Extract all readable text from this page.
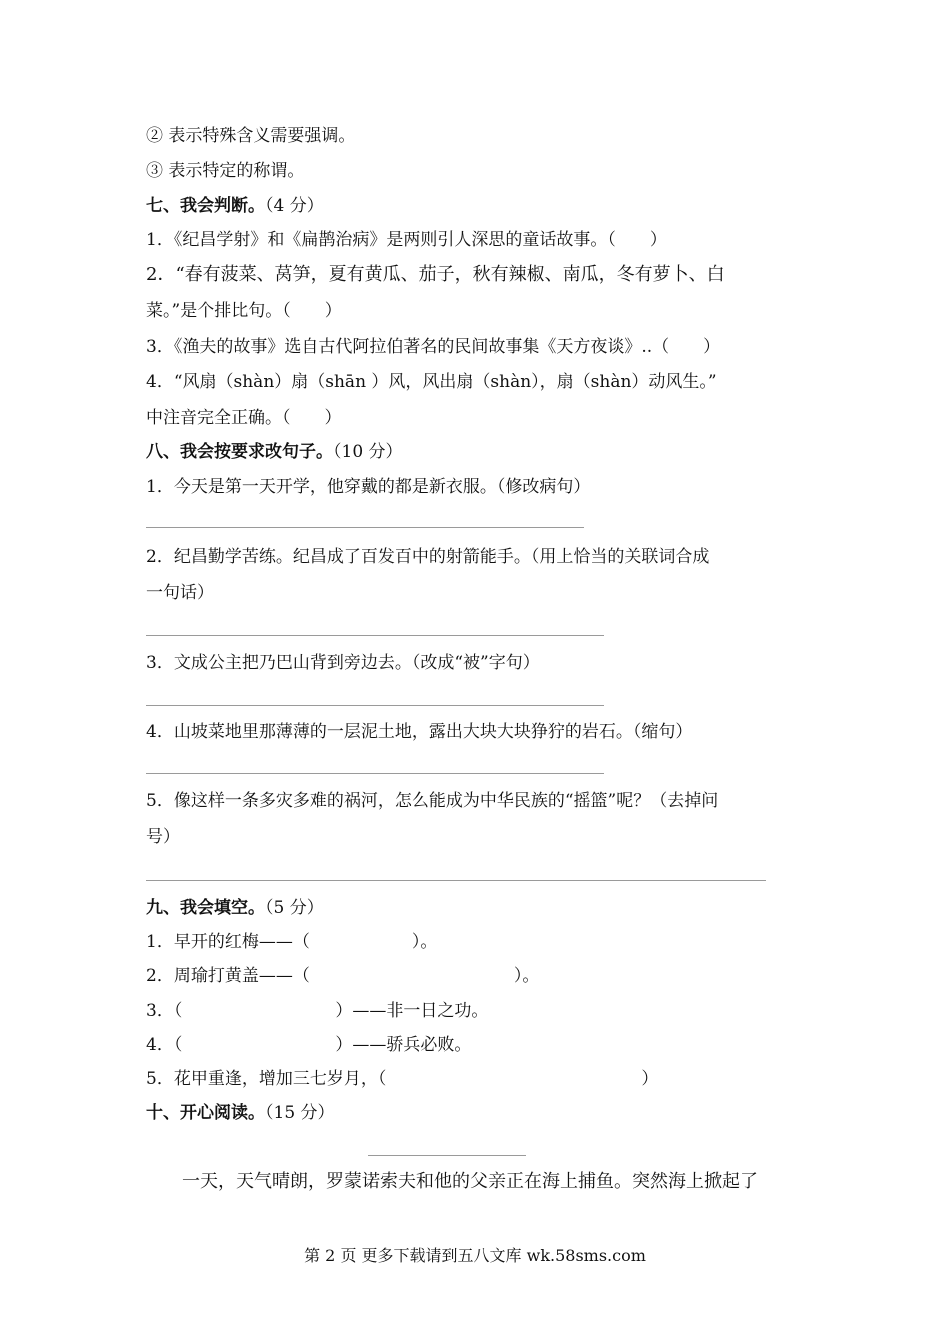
② 表示特殊含义需要强调。
③ 表示特定的称谓。
七、我会判断。（4 分）
1．《纪昌学射》和《扁鹊治病》是两则引人深思的童话故事。（　　）
2．“春有菠菜、莴笋，夏有黄瓜、茄子，秋有辣椒、南瓜，冬有萝卜、白
菜。”是个排比句。（　　）
3．《渔夫的故事》选自古代阿拉伯著名的民间故事集《天方夜谈》..（　　）
4．“风扇（shàn）扇（shān ）风，风出扇（shàn），扇（shàn）动风生。”
中注音完全正确。（　　）
八、我会按要求改句子。（10 分）
1．今天是第一天开学，他穿戴的都是新衣服。（修改病句）
2．纪昌勤学苦练。纪昌成了百发百中的射箭能手。（用上恰当的关联词合成
一句话）
3．文成公主把乃巴山背到旁边去。（改成“被”字句）
4．山坡菜地里那薄薄的一层泥土地，露出大块大块狰狞的岩石。（缩句）
5．像这样一条多灾多难的祸河，怎么能成为中华民族的“摇篮”呢？（去掉问
号）
九、我会填空。（5 分）
1．早开的红梅——（　　　　　　）。
2．周瑜打黄盖——（　　　　　　　　　　　　）。
3．（　　　　　　　　　）——非一日之功。
4．（　　　　　　　　　）——骄兵必败。
5．花甲重逢，增加三七岁月，（　　　　　　　　　　　　　　　）
十、开心阅读。（15 分）
一天，天气晴朗，罗蒙诺索夫和他的父亲正在海上捕鱼。突然海上掀起了
第 2 页 更多下载请到五八文库 wk.58sms.com
